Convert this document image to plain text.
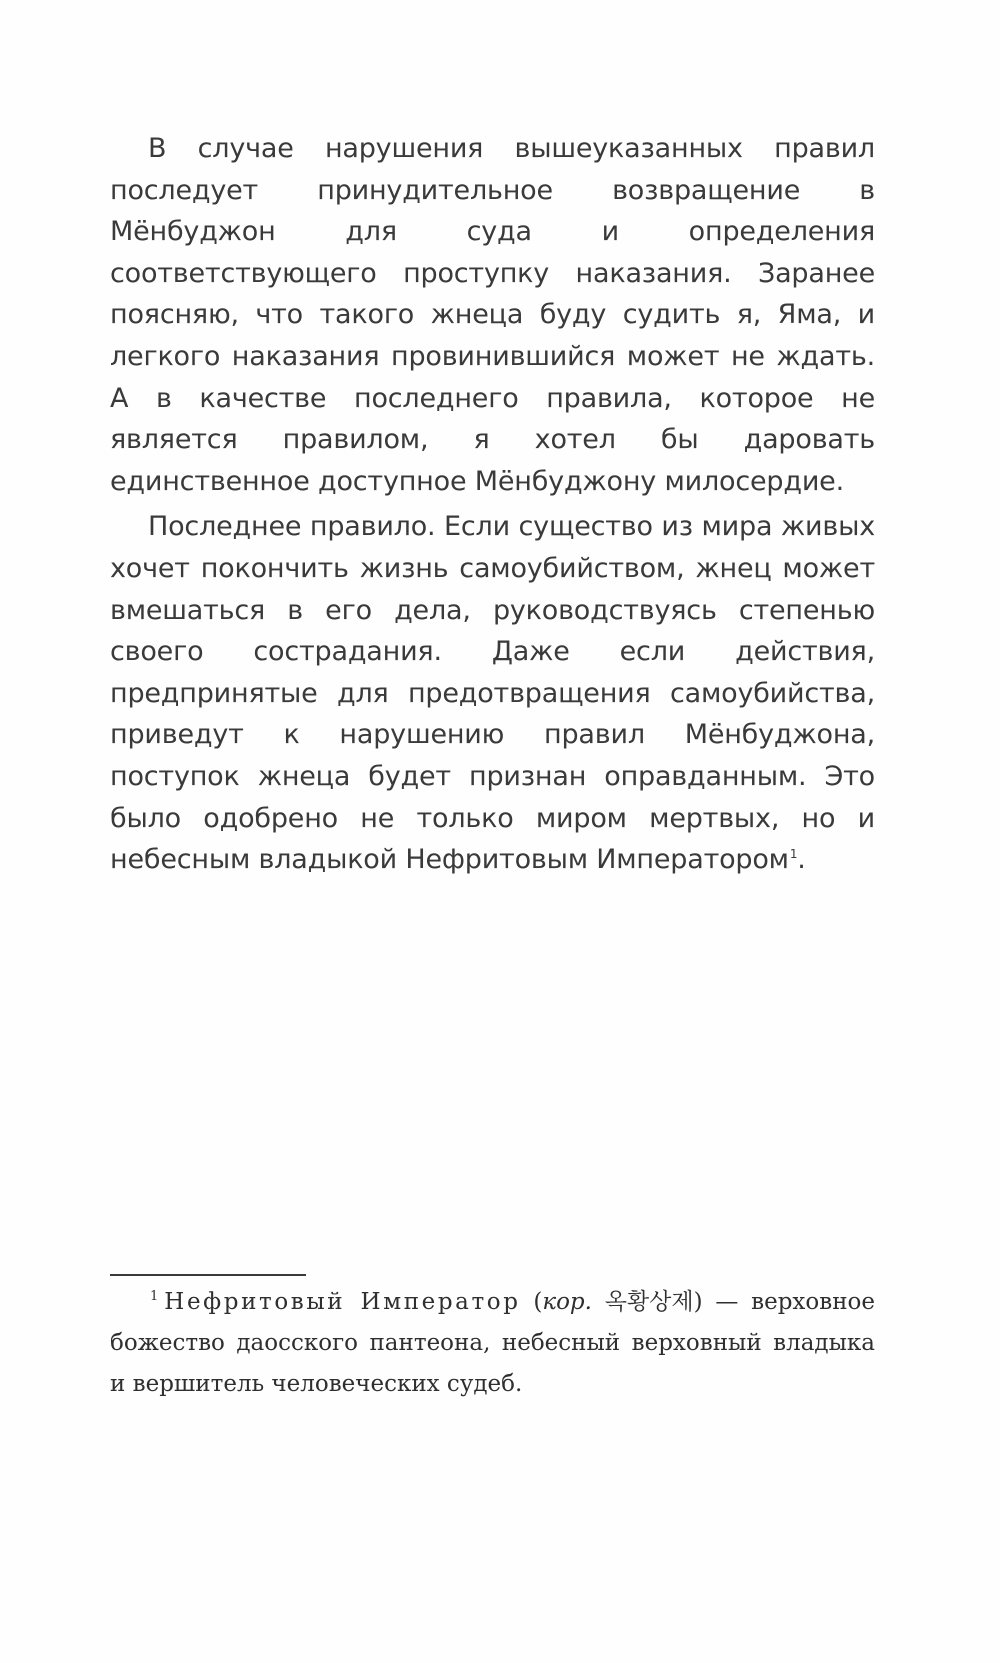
В случае нарушения вышеуказанных правил последует принудительное возвращение в Мёнбуджон для суда и определения соответствующего проступку наказания. Заранее поясняю, что такого жнеца буду судить я, Яма, и легкого наказания провинившийся может не ждать. А в качестве последнего правила, которое не является правилом, я хотел бы даровать единственное доступное Мёнбуджону милосердие.

Последнее правило. Если существо из мира живых хочет покончить жизнь самоубийством, жнец может вмешаться в его дела, руководствуясь степенью своего сострадания. Даже если действия, предпринятые для предотвращения самоубийства, приведут к нарушению правил Мёнбуджона, поступок жнеца будет признан оправданным. Это было одобрено не только миром мертвых, но и небесным владыкой Нефритовым Императором$^1$.

$^1$ Нефритовый Император (кор. 옥황상제) — верховное божество даосского пантеона, небесный верховный владыка и вершитель человеческих судеб.
